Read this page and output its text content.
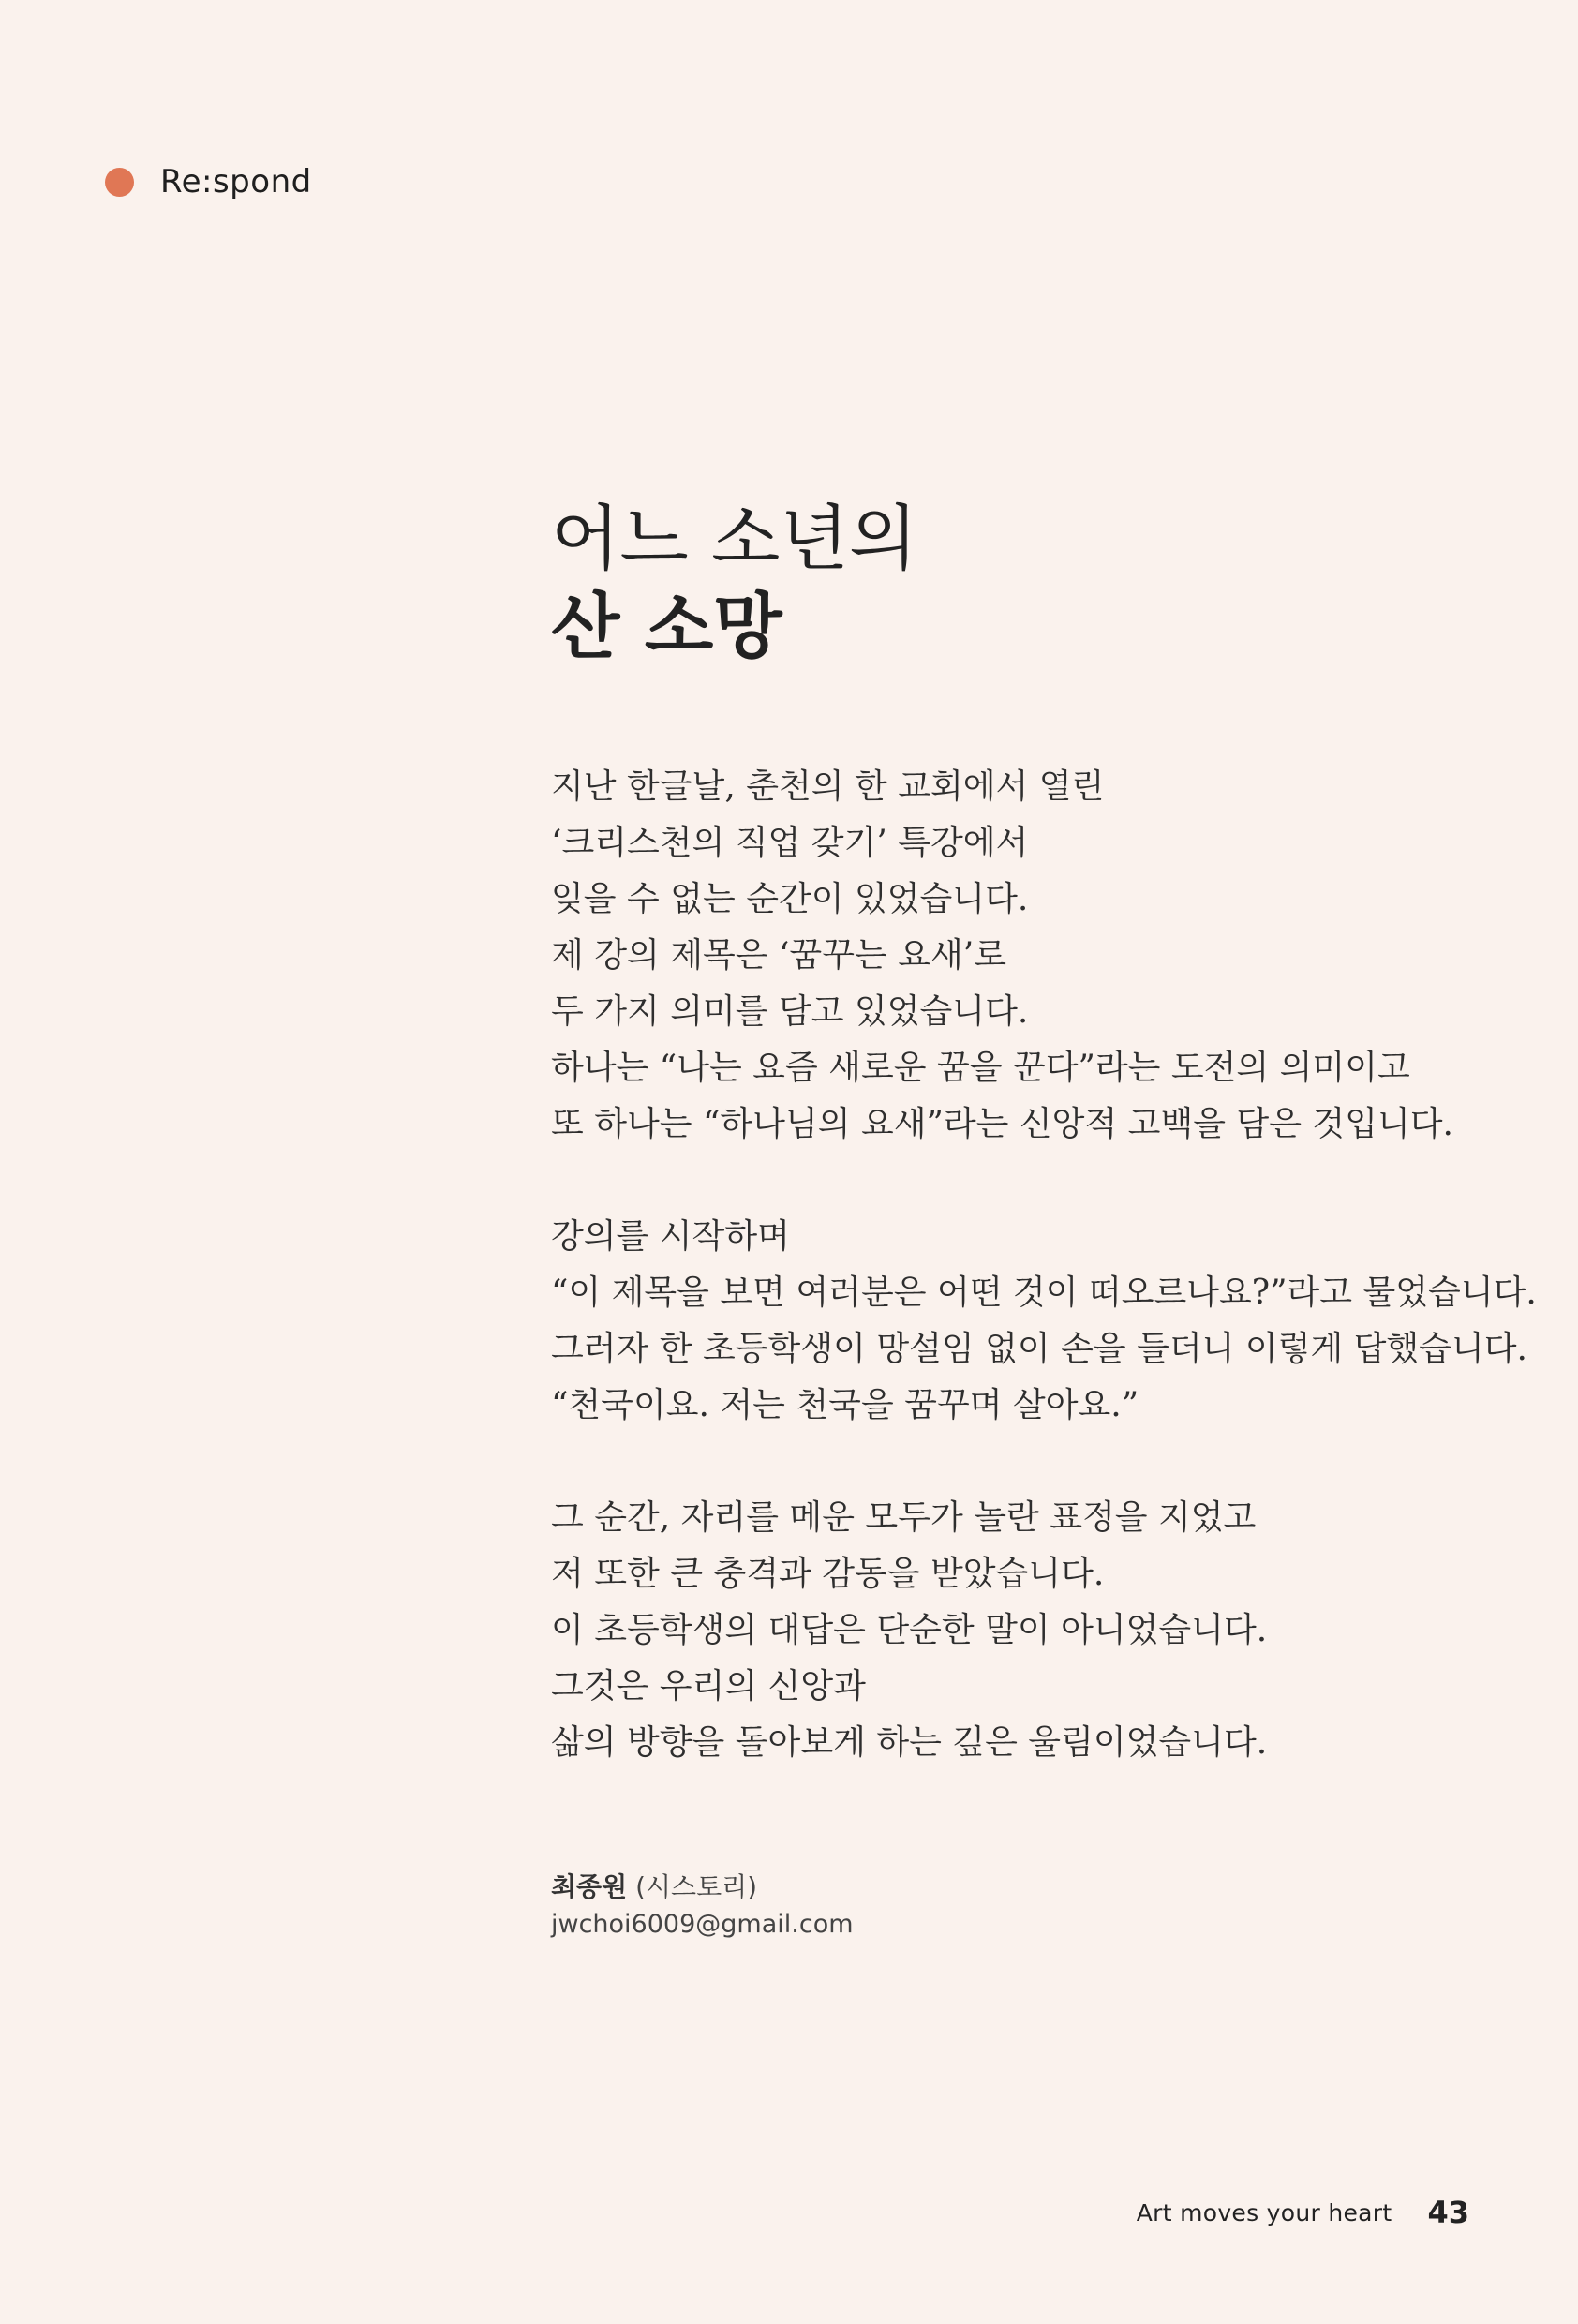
Re:spond
어느 소년의
산 소망

지난 한글날, 춘천의 한 교회에서 열린
‘크리스천의 직업 갖기’ 특강에서
잊을 수 없는 순간이 있었습니다.
제 강의 제목은 ‘꿈꾸는 요새’로
두 가지 의미를 담고 있었습니다.
하나는 “나는 요즘 새로운 꿈을 꾼다”라는 도전의 의미이고
또 하나는 “하나님의 요새”라는 신앙적 고백을 담은 것입니다.

강의를 시작하며
“이 제목을 보면 여러분은 어떤 것이 떠오르나요?”라고 물었습니다.
그러자 한 초등학생이 망설임 없이 손을 들더니 이렇게 답했습니다.
“천국이요. 저는 천국을 꿈꾸며 살아요.”

그 순간, 자리를 메운 모두가 놀란 표정을 지었고
저 또한 큰 충격과 감동을 받았습니다.
이 초등학생의 대답은 단순한 말이 아니었습니다.
그것은 우리의 신앙과
삶의 방향을 돌아보게 하는 깊은 울림이었습니다.

최종원 (시스토리)
jwchoi6009@gmail.com
Art moves your heart 43
